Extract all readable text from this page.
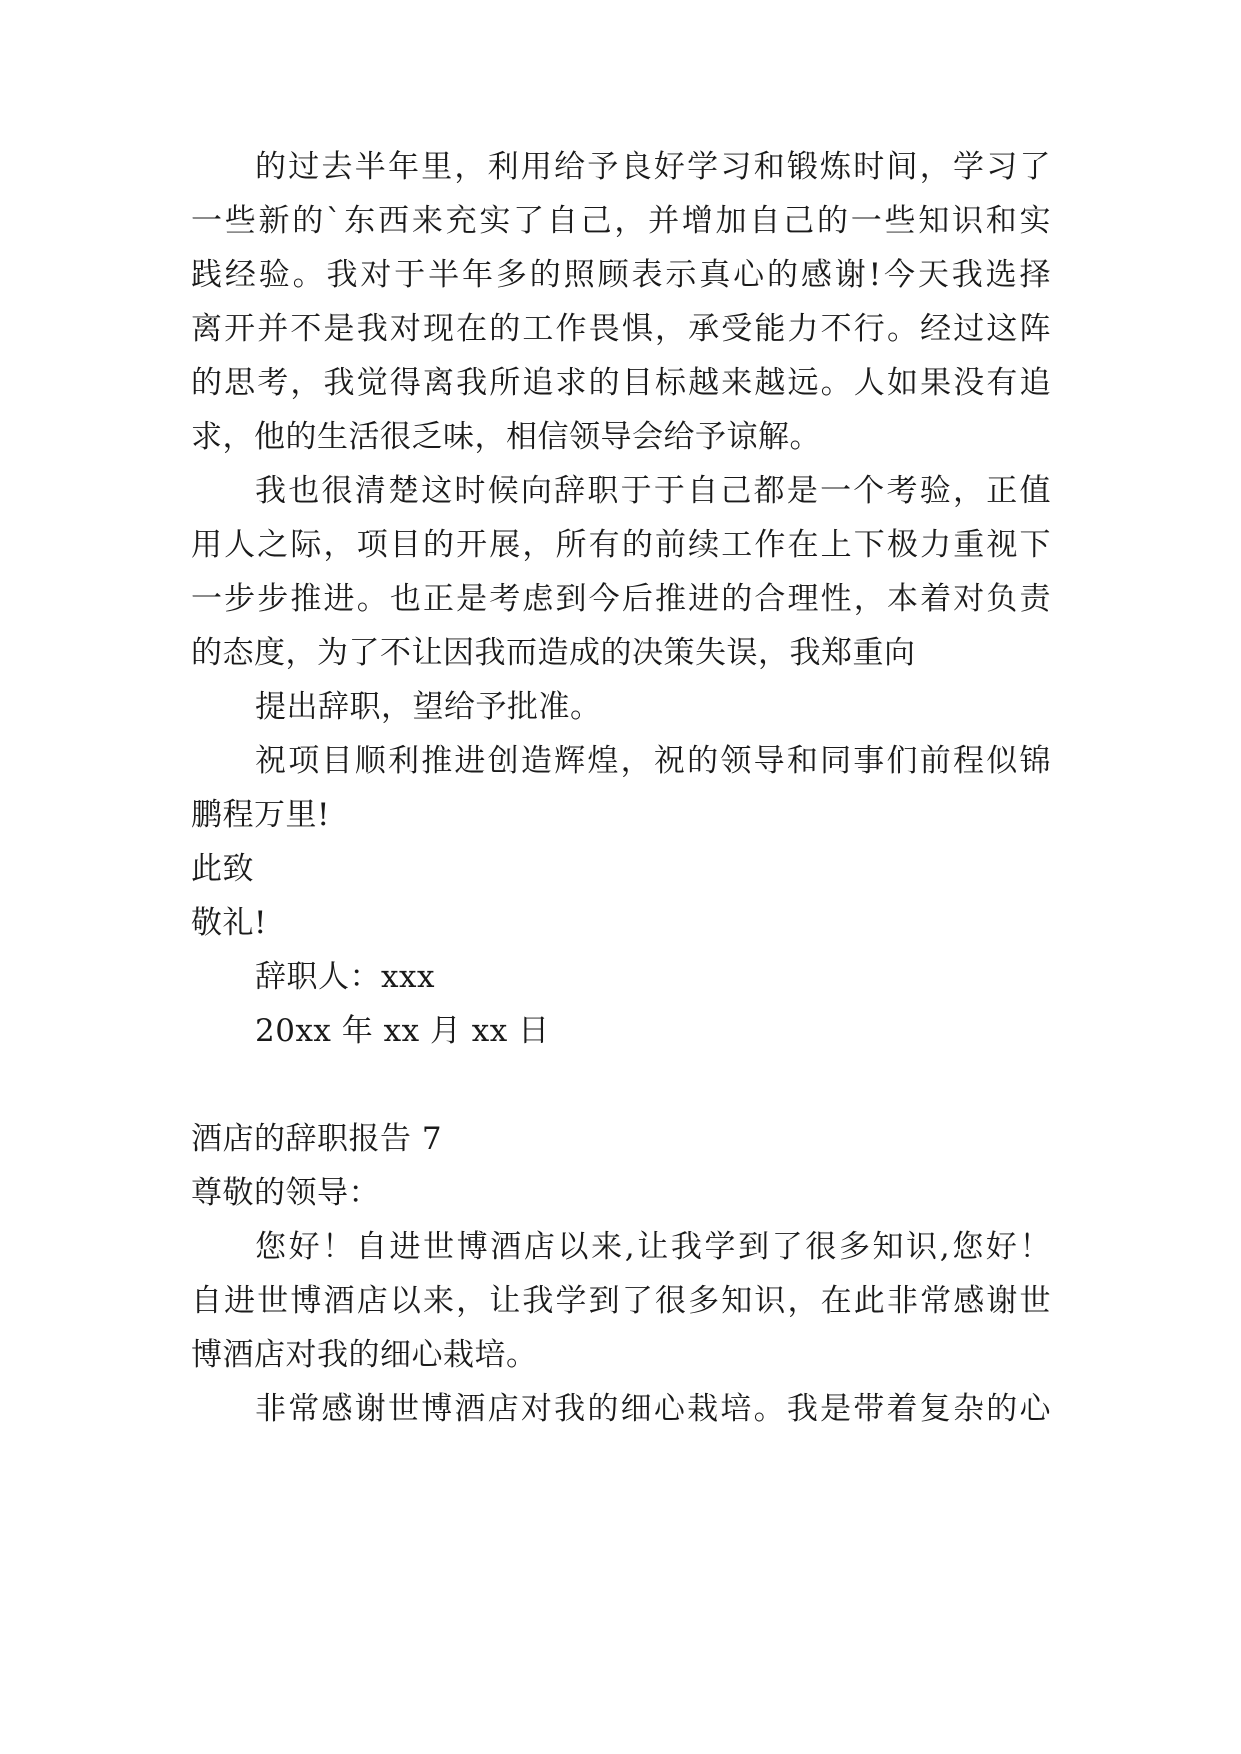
的过去半年里，利用给予良好学习和锻炼时间，学习了
一些新的`东西来充实了自己，并增加自己的一些知识和实
践经验。我对于半年多的照顾表示真心的感谢!今天我选择
离开并不是我对现在的工作畏惧，承受能力不行。经过这阵
的思考，我觉得离我所追求的目标越来越远。人如果没有追
求，他的生活很乏味，相信领导会给予谅解。
我也很清楚这时候向辞职于于自己都是一个考验，正值
用人之际，项目的开展，所有的前续工作在上下极力重视下
一步步推进。也正是考虑到今后推进的合理性，本着对负责
的态度，为了不让因我而造成的决策失误，我郑重向
提出辞职，望给予批准。
祝项目顺利推进创造辉煌，祝的领导和同事们前程似锦
鹏程万里!
此致
敬礼!
辞职人：xxx
20xx 年 xx 月 xx 日
酒店的辞职报告 7
尊敬的领导：
您好！自进世博酒店以来,让我学到了很多知识,您好！
自进世博酒店以来，让我学到了很多知识，在此非常感谢世
博酒店对我的细心栽培。
非常感谢世博酒店对我的细心栽培。我是带着复杂的心
